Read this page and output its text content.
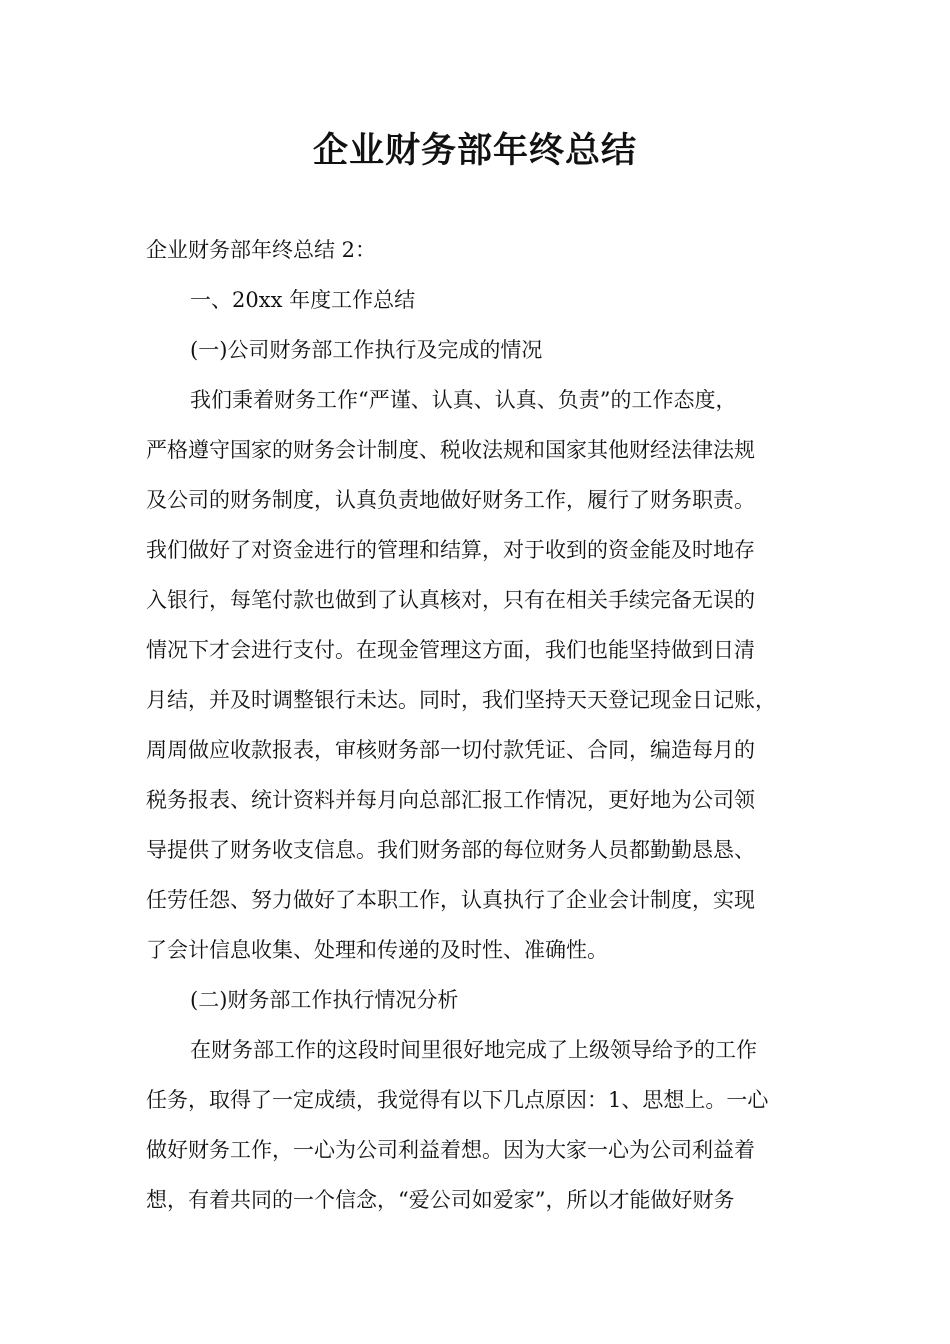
企业财务部年终总结

企业财务部年终总结 2：

一、20xx 年度工作总结

(一)公司财务部工作执行及完成的情况

我们秉着财务工作“严谨、认真、认真、负责”的工作态度，

严格遵守国家的财务会计制度、税收法规和国家其他财经法律法规

及公司的财务制度，认真负责地做好财务工作，履行了财务职责。

我们做好了对资金进行的管理和结算，对于收到的资金能及时地存

入银行，每笔付款也做到了认真核对，只有在相关手续完备无误的

情况下才会进行支付。在现金管理这方面，我们也能坚持做到日清

月结，并及时调整银行未达。同时，我们坚持天天登记现金日记账，

周周做应收款报表，审核财务部一切付款凭证、合同，编造每月的

税务报表、统计资料并每月向总部汇报工作情况，更好地为公司领

导提供了财务收支信息。我们财务部的每位财务人员都勤勤恳恳、

任劳任怨、努力做好了本职工作，认真执行了企业会计制度，实现

了会计信息收集、处理和传递的及时性、准确性。

(二)财务部工作执行情况分析

在财务部工作的这段时间里很好地完成了上级领导给予的工作

任务，取得了一定成绩，我觉得有以下几点原因：1、思想上。一心

做好财务工作，一心为公司利益着想。因为大家一心为公司利益着

想，有着共同的一个信念，“爱公司如爱家”，所以才能做好财务
